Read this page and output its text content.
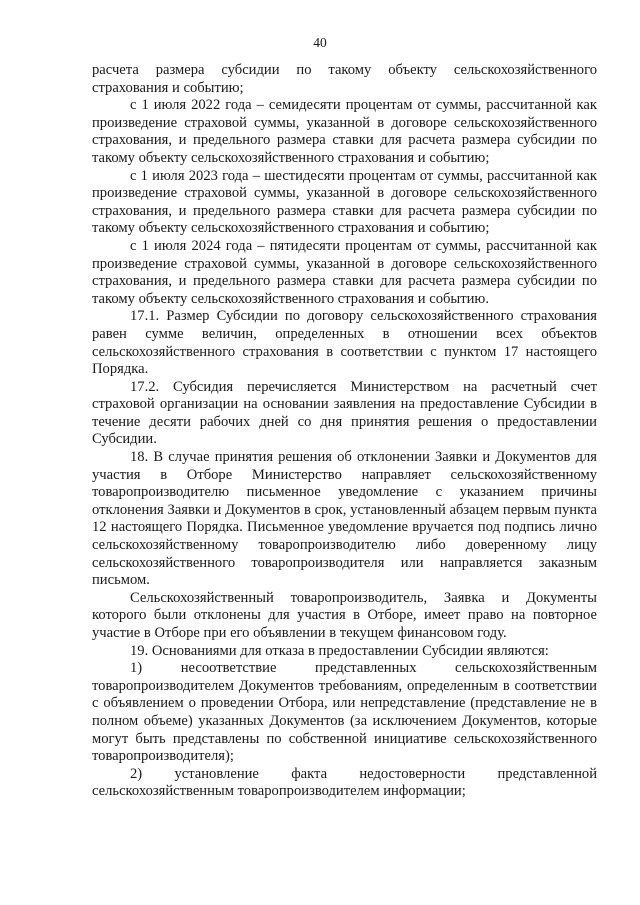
40

расчета размера субсидии по такому объекту сельскохозяйственного страхования и событию;

с 1 июля 2022 года – семидесяти процентам от суммы, рассчитанной как произведение страховой суммы, указанной в договоре сельскохозяйственного страхования, и предельного размера ставки для расчета размера субсидии по такому объекту сельскохозяйственного страхования и событию;

с 1 июля 2023 года – шестидесяти процентам от суммы, рассчитанной как произведение страховой суммы, указанной в договоре сельскохозяйственного страхования, и предельного размера ставки для расчета размера субсидии по такому объекту сельскохозяйственного страхования и событию;

с 1 июля 2024 года – пятидесяти процентам от суммы, рассчитанной как произведение страховой суммы, указанной в договоре сельскохозяйственного страхования, и предельного размера ставки для расчета размера субсидии по такому объекту сельскохозяйственного страхования и событию.

17.1. Размер Субсидии по договору сельскохозяйственного страхования равен сумме величин, определенных в отношении всех объектов сельскохозяйственного страхования в соответствии с пунктом 17 настоящего Порядка.

17.2. Субсидия перечисляется Министерством на расчетный счет страховой организации на основании заявления на предоставление Субсидии в течение десяти рабочих дней со дня принятия решения о предоставлении Субсидии.

18. В случае принятия решения об отклонении Заявки и Документов для участия в Отборе Министерство направляет сельскохозяйственному товаропроизводителю письменное уведомление с указанием причины отклонения Заявки и Документов в срок, установленный абзацем первым пункта 12 настоящего Порядка. Письменное уведомление вручается под подпись лично сельскохозяйственному товаропроизводителю либо доверенному лицу сельскохозяйственного товаропроизводителя или направляется заказным письмом.

Сельскохозяйственный товаропроизводитель, Заявка и Документы которого были отклонены для участия в Отборе, имеет право на повторное участие в Отборе при его объявлении в текущем финансовом году.

19. Основаниями для отказа в предоставлении Субсидии являются:

1) несоответствие представленных сельскохозяйственным товаропроизводителем Документов требованиям, определенным в соответствии с объявлением о проведении Отбора, или непредставление (представление не в полном объеме) указанных Документов (за исключением Документов, которые могут быть представлены по собственной инициативе сельскохозяйственного товаропроизводителя);

2) установление факта недостоверности представленной сельскохозяйственным товаропроизводителем информации;
